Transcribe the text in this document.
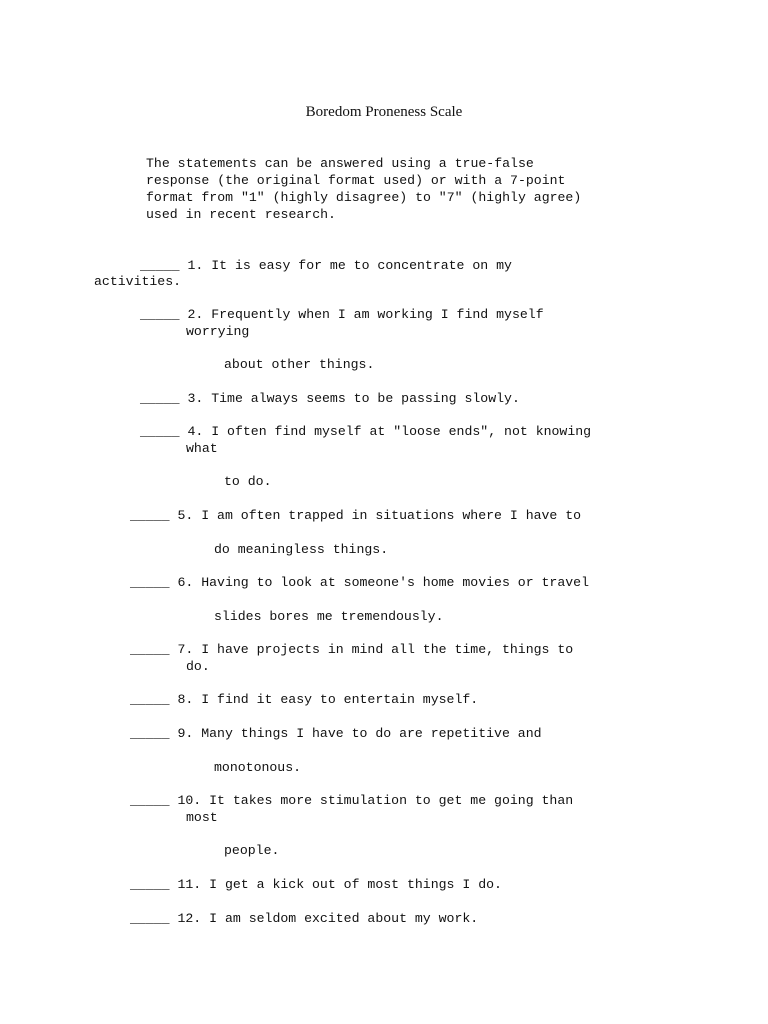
Boredom Proneness Scale
The statements can be answered using a true-false
response (the original format used) or with a 7-point
format from "1" (highly disagree) to "7" (highly agree)
used in recent research.
_____ 1. It is easy for me to concentrate on my
activities.
_____ 2. Frequently when I am working I find myself
worrying
about other things.
_____ 3. Time always seems to be passing slowly.
_____ 4. I often find myself at "loose ends", not knowing
what
to do.
_____ 5. I am often trapped in situations where I have to
do meaningless things.
_____ 6. Having to look at someone's home movies or travel
slides bores me tremendously.
_____ 7. I have projects in mind all the time, things to
do.
_____ 8. I find it easy to entertain myself.
_____ 9. Many things I have to do are repetitive and
monotonous.
_____ 10. It takes more stimulation to get me going than
most
people.
_____ 11. I get a kick out of most things I do.
_____ 12. I am seldom excited about my work.
